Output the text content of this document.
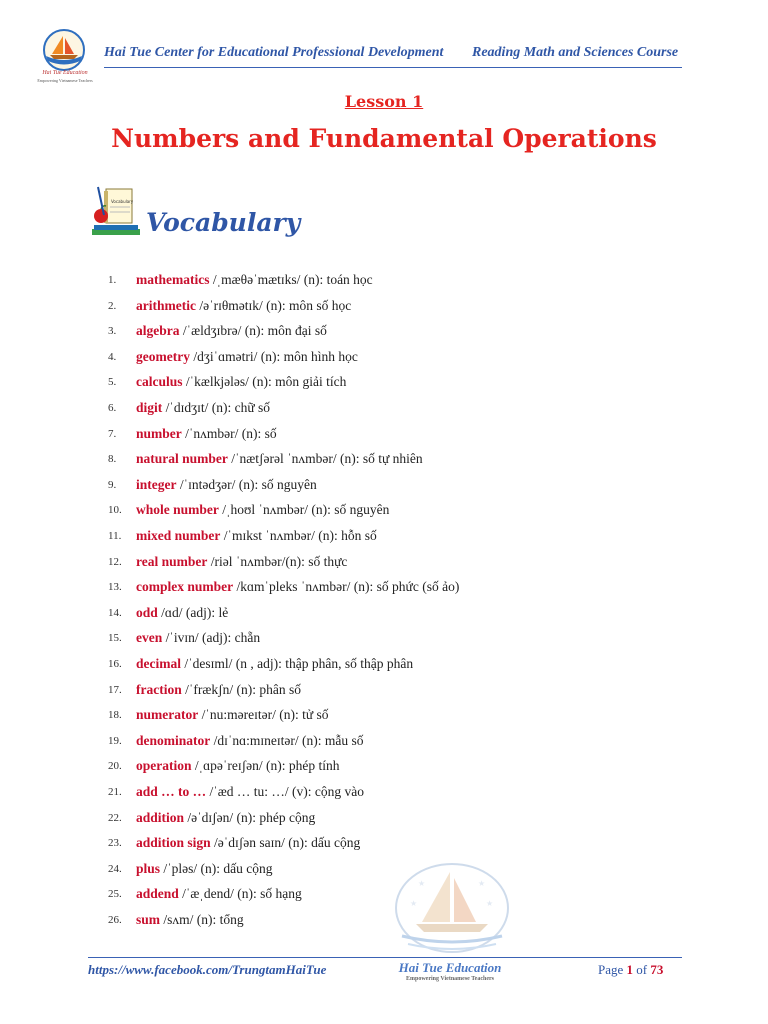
Hai Tue Education
Empowering Vietnamese Teachers
Hai Tue Center for Educational Professional Development Reading Math and Sciences Course
Lesson 1
Numbers and Fundamental Operations
Vocabulary
Vocabulary
1.	mathematics /ˌmæθəˈmætɪks/ (n): toán học
2.	arithmetic /əˈrɪθmətɪk/ (n): môn số học
3.	algebra /ˈældʒɪbrə/ (n): môn đại số
4.	geometry /dʒiˈɑmətri/ (n): môn hình học
5.	calculus /ˈkælkjələs/ (n): môn giải tích
6.	digit /ˈdɪdʒɪt/ (n): chữ số
7.	number /ˈnʌmbər/ (n): số
8.	natural number /ˈnætʃərəl ˈnʌmbər/ (n): số tự nhiên
9.	integer /ˈɪntədʒər/ (n): số nguyên
10.	whole number /ˌhoʊl ˈnʌmbər/ (n): số nguyên
11.	mixed number /ˈmɪkst ˈnʌmbər/ (n): hỗn số
12.	real number /riəl ˈnʌmbər/(n): số thực
13.	complex number /kɑmˈpleks ˈnʌmbər/ (n): số phức (số ảo)
14.	odd /ɑd/ (adj): lẻ
15.	even /ˈivɪn/ (adj): chẵn
16.	decimal /ˈdesɪml/ (n , adj): thập phân, số thập phân
17.	fraction /ˈfrækʃn/ (n): phân số
18.	numerator /ˈnu:məreɪtər/ (n): tử số
19.	denominator /dɪˈnɑ:mɪneɪtər/ (n): mẫu số
20.	operation /ˌɑpəˈreɪʃən/ (n): phép tính
21.	add … to … /ˈæd … tu: …/ (v): cộng vào
22.	addition /əˈdɪʃən/ (n): phép cộng
23.	addition sign /əˈdɪʃən saɪn/ (n): dấu cộng
24.	plus /ˈpləs/ (n): dấu cộng
25.	addend /ˈæˌdend/ (n): số hạng
26.	sum /sʌm/ (n): tổng
★	★
★	★
https://www.facebook.com/TrungtamHaiTue	Hai Tue Education
Empowering Vietnamese Teachers
Page 1 of 73
